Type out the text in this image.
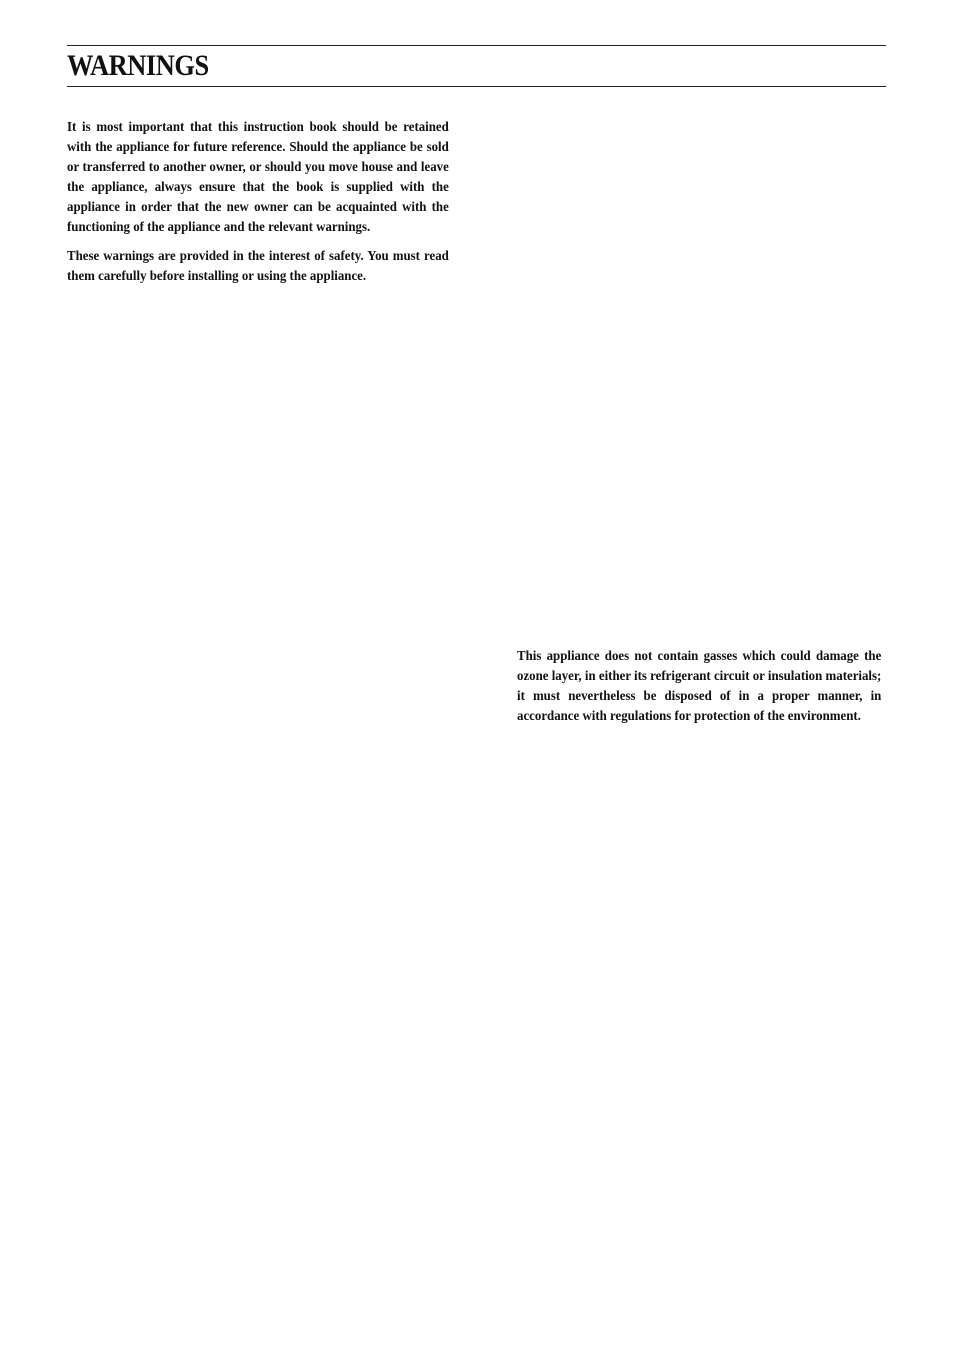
WARNINGS

It is most important that this instruction book should be retained with the appliance for future reference. Should the appliance be sold or transferred to another owner, or should you move house and leave the appliance, always ensure that the book is supplied with the appliance in order that the new owner can be acquainted with the functioning of the appliance and the relevant warnings.

These warnings are provided in the interest of safety. You must read them carefully before installing or using the appliance.

This appliance does not contain gasses which could damage the ozone layer, in either its refrigerant circuit or insulation materials; it must nevertheless be disposed of in a proper manner, in accordance with regulations for protection of the environment.
